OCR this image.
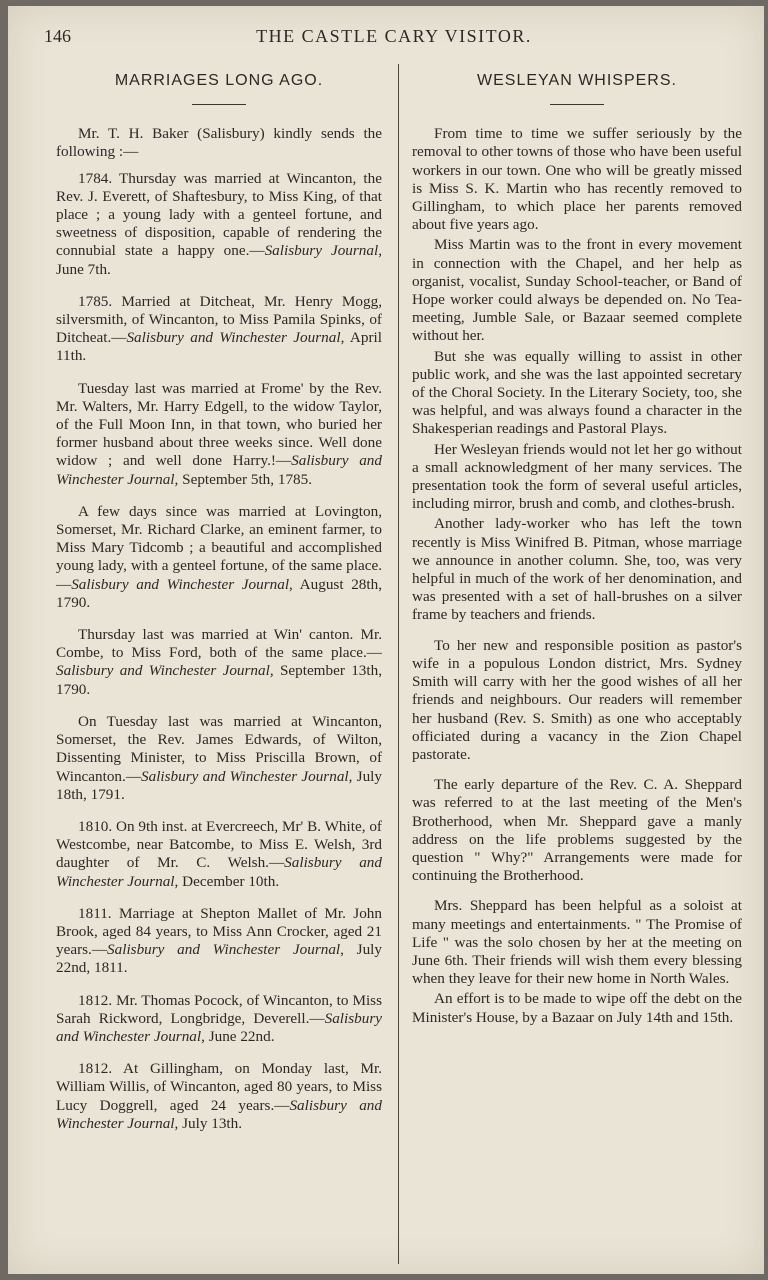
146	THE CASTLE CARY VISITOR.
MARRIAGES LONG AGO.

Mr. T. H. Baker (Salisbury) kindly sends the following :—

1784. Thursday was married at Wincanton, the Rev. J. Everett, of Shaftesbury, to Miss King, of that place ; a young lady with a genteel fortune, and sweetness of disposition, capable of rendering the connubial state a happy one.—Salisbury Journal, June 7th.

1785. Married at Ditcheat, Mr. Henry Mogg, silversmith, of Wincanton, to Miss Pamila Spinks, of Ditcheat.—Salisbury and Winchester Journal, April 11th.

Tuesday last was married at Frome' by the Rev. Mr. Walters, Mr. Harry Edgell, to the widow Taylor, of the Full Moon Inn, in that town, who buried her former husband about three weeks since. Well done widow ; and well done Harry.!—Salisbury and Winchester Journal, September 5th, 1785.

A few days since was married at Lovington, Somerset, Mr. Richard Clarke, an eminent farmer, to Miss Mary Tidcomb ; a beautiful and accomplished young lady, with a genteel fortune, of the same place.—Salisbury and Winchester Journal, August 28th, 1790.

Thursday last was married at Win' canton. Mr. Combe, to Miss Ford, both of the same place.—Salisbury and Winchester Journal, September 13th, 1790.

On Tuesday last was married at Wincanton, Somerset, the Rev. James Edwards, of Wilton, Dissenting Minister, to Miss Priscilla Brown, of Wincanton.—Salisbury and Winchester Journal, July 18th, 1791.

1810. On 9th inst. at Evercreech, Mr' B. White, of Westcombe, near Batcombe, to Miss E. Welsh, 3rd daughter of Mr. C. Welsh.—Salisbury and Winchester Journal, December 10th.

1811. Marriage at Shepton Mallet of Mr. John Brook, aged 84 years, to Miss Ann Crocker, aged 21 years.—Salisbury and Winchester Journal, July 22nd, 1811.

1812. Mr. Thomas Pocock, of Wincanton, to Miss Sarah Rickword, Longbridge, Deverell.—Salisbury and Winchester Journal, June 22nd.

1812. At Gillingham, on Monday last, Mr. William Willis, of Wincanton, aged 80 years, to Miss Lucy Doggrell, aged 24 years.—Salisbury and Winchester Journal, July 13th.

WESLEYAN WHISPERS.

From time to time we suffer seriously by the removal to other towns of those who have been useful workers in our town. One who will be greatly missed is Miss S. K. Martin who has recently removed to Gillingham, to which place her parents removed about five years ago.

Miss Martin was to the front in every movement in connection with the Chapel, and her help as organist, vocalist, Sunday School-teacher, or Band of Hope worker could always be depended on. No Tea-meeting, Jumble Sale, or Bazaar seemed complete without her.

But she was equally willing to assist in other public work, and she was the last appointed secretary of the Choral Society. In the Literary Society, too, she was helpful, and was always found a character in the Shakesperian readings and Pastoral Plays.

Her Wesleyan friends would not let her go without a small acknowledgment of her many services. The presentation took the form of several useful articles, including mirror, brush and comb, and clothes-brush.

Another lady-worker who has left the town recently is Miss Winifred B. Pitman, whose marriage we announce in another column. She, too, was very helpful in much of the work of her denomination, and was presented with a set of hall-brushes on a silver frame by teachers and friends.

To her new and responsible position as pastor's wife in a populous London district, Mrs. Sydney Smith will carry with her the good wishes of all her friends and neighbours. Our readers will remember her husband (Rev. S. Smith) as one who acceptably officiated during a vacancy in the Zion Chapel pastorate.

The early departure of the Rev. C. A. Sheppard was referred to at the last meeting of the Men's Brotherhood, when Mr. Sheppard gave a manly address on the life problems suggested by the question " Why?" Arrangements were made for continuing the Brotherhood.

Mrs. Sheppard has been helpful as a soloist at many meetings and entertainments. " The Promise of Life " was the solo chosen by her at the meeting on June 6th. Their friends will wish them every blessing when they leave for their new home in North Wales.

An effort is to be made to wipe off the debt on the Minister's House, by a Bazaar on July 14th and 15th.
